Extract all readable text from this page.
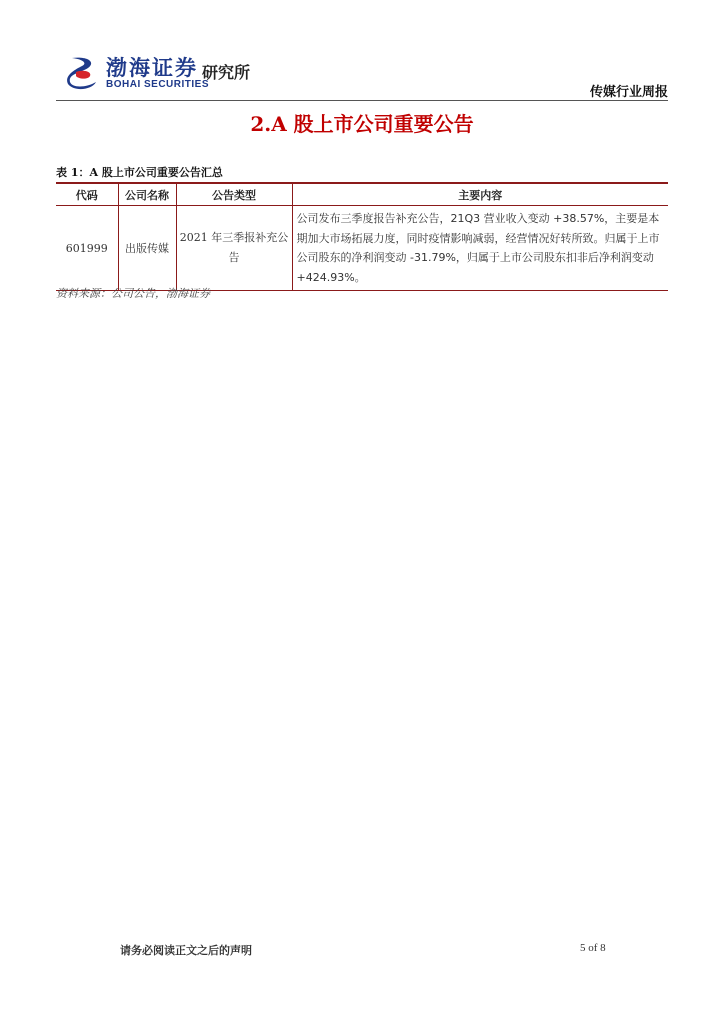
渤海证券
BOHAI SECURITIES
研究所
传媒行业周报
2.A 股上市公司重要公告
表 1：A 股上市公司重要公告汇总
代码	公司名称	公告类型	主要内容
601999	出版传媒	2021 年三季报补充公告	公司发布三季度报告补充公告，21Q3 营业收入变动 +38.57%，主要是本期加大市场拓展力度，同时疫情影响减弱，经营情况好转所致。归属于上市公司股东的净利润变动 -31.79%，归属于上市公司股东扣非后净利润变动 +424.93%。
资料来源：公司公告，渤海证券
请务必阅读正文之后的声明	5 of 8
